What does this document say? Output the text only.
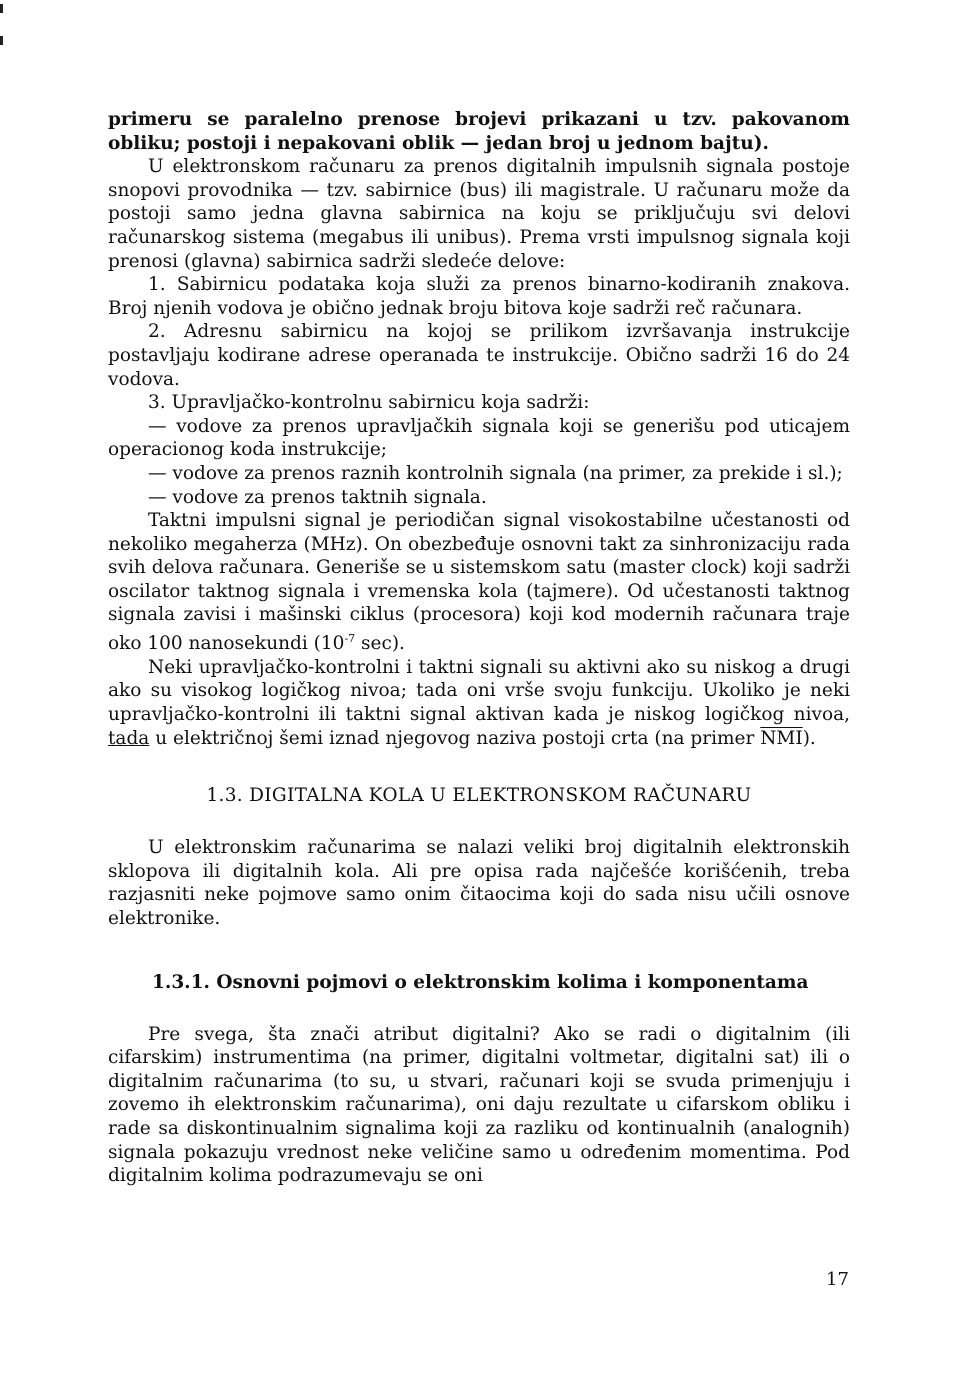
primeru se paralelno prenose brojevi prikazani u tzv. pakovanom obliku; postoji i nepakovani oblik — jedan broj u jednom bajtu).

U elektronskom računaru za prenos digitalnih impulsnih signala postoje snopovi provodnika — tzv. sabirnice (bus) ili magistrale. U računaru može da postoji samo jedna glavna sabirnica na koju se priključuju svi delovi računarskog sistema (megabus ili unibus). Prema vrsti impulsnog signala koji prenosi (glavna) sabirnica sadrži sledeće delove:

1. Sabirnicu podataka koja služi za prenos binarno-kodiranih znakova. Broj njenih vodova je obično jednak broju bitova koje sadrži reč računara.

2. Adresnu sabirnicu na kojoj se prilikom izvršavanja instrukcije postavljaju kodirane adrese operanada te instrukcije. Obično sadrži 16 do 24 vodova.

3. Upravljačko-kontrolnu sabirnicu koja sadrži:

— vodove za prenos upravljačkih signala koji se generišu pod uticajem operacionog koda instrukcije;

— vodove za prenos raznih kontrolnih signala (na primer, za prekide i sl.);

— vodove za prenos taktnih signala.

Taktni impulsni signal je periodičan signal visokostabilne učestanosti od nekoliko megaherza (MHz). On obezbeđuje osnovni takt za sinhronizaciju rada svih delova računara. Generiše se u sistemskom satu (master clock) koji sadrži oscilator taktnog signala i vremenska kola (tajmere). Od učestanosti taktnog signala zavisi i mašinski ciklus (procesora) koji kod modernih računara traje oko 100 nanosekundi ($10^{-7}$ sec).

Neki upravljačko-kontrolni i taktni signali su aktivni ako su niskog a drugi ako su visokog logičkog nivoa; tada oni vrše svoju funkciju. Ukoliko je neki upravljačko-kontrolni ili taktni signal aktivan kada je niskog logičkog nivoa, tada u električnoj šemi iznad njegovog naziva postoji crta (na primer $\overline{NMI}$).

1.3. DIGITALNA KOLA U ELEKTRONSKOM RAČUNARU

U elektronskim računarima se nalazi veliki broj digitalnih elektronskih sklopova ili digitalnih kola. Ali pre opisa rada najčešće korišćenih, treba razjasniti neke pojmove samo onim čitaocima koji do sada nisu učili osnove elektronike.

1.3.1. Osnovni pojmovi o elektronskim kolima i komponentama

Pre svega, šta znači atribut digitalni? Ako se radi o digitalnim (ili cifarskim) instrumentima (na primer, digitalni voltmetar, digitalni sat) ili o digitalnim računarima (to su, u stvari, računari koji se svuda primenjuju i zovemo ih elektronskim računarima), oni daju rezultate u cifarskom obliku i rade sa diskontinualnim signalima koji za razliku od kontinualnih (analognih) signala pokazuju vrednost neke veličine samo u određenim momentima. Pod digitalnim kolima podrazumevaju se oni

17
